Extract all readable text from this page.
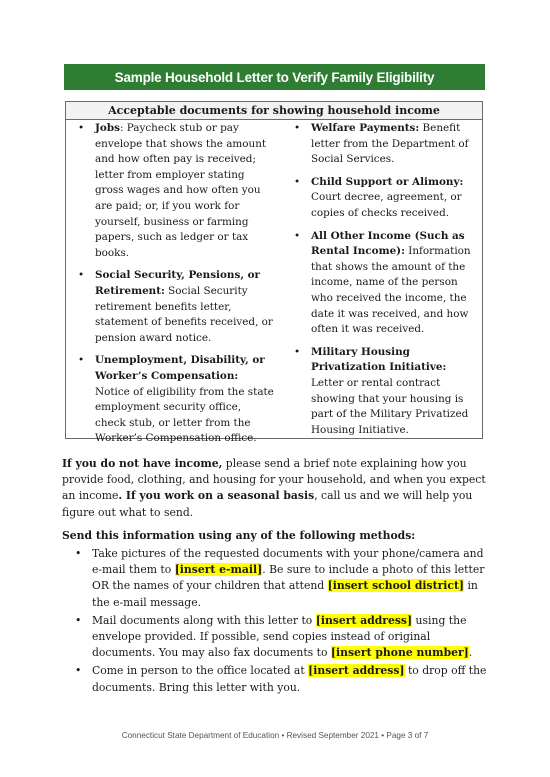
Sample Household Letter to Verify Family Eligibility
Acceptable documents for showing household income
• Jobs: Paycheck stub or pay envelope that shows the amount and how often pay is received; letter from employer stating gross wages and how often you are paid; or, if you work for yourself, business or farming papers, such as ledger or tax books.
• Social Security, Pensions, or Retirement: Social Security retirement benefits letter, statement of benefits received, or pension award notice.
• Unemployment, Disability, or Worker’s Compensation: Notice of eligibility from the state employment security office, check stub, or letter from the Worker’s Compensation office.
• Welfare Payments: Benefit letter from the Department of Social Services.
• Child Support or Alimony: Court decree, agreement, or copies of checks received.
• All Other Income (Such as Rental Income): Information that shows the amount of the income, name of the person who received the income, the date it was received, and how often it was received.
• Military Housing Privatization Initiative: Letter or rental contract showing that your housing is part of the Military Privatized Housing Initiative.
If you do not have income, please send a brief note explaining how you provide food, clothing, and housing for your household, and when you expect an income. If you work on a seasonal basis, call us and we will help you figure out what to send.
Send this information using any of the following methods:
• Take pictures of the requested documents with your phone/camera and e-mail them to [insert e-mail]. Be sure to include a photo of this letter OR the names of your children that attend [insert school district] in the e-mail message.
• Mail documents along with this letter to [insert address] using the envelope provided. If possible, send copies instead of original documents. You may also fax documents to [insert phone number].
• Come in person to the office located at [insert address] to drop off the documents. Bring this letter with you.
Connecticut State Department of Education • Revised September 2021 • Page 3 of 7
